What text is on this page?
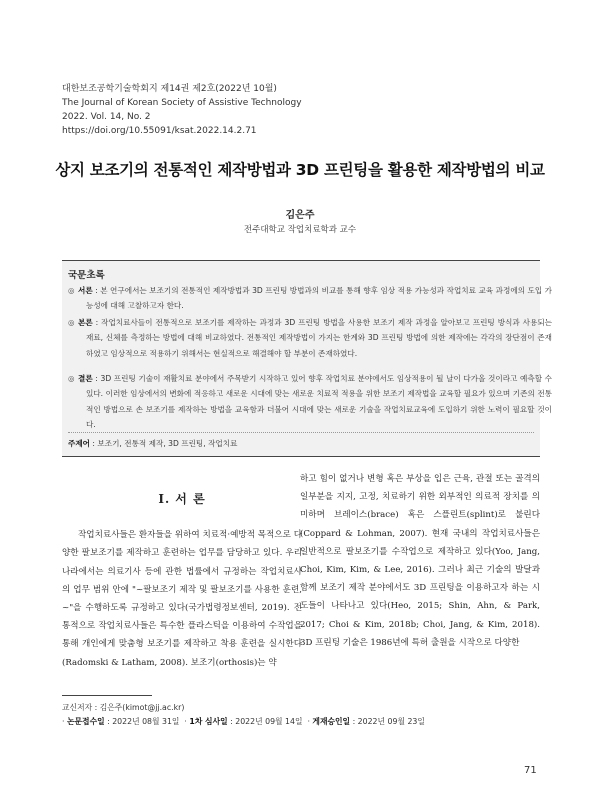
대한보조공학기술학회지 제14권 제2호(2022년 10월)
The Journal of Korean Society of Assistive Technology
2022. Vol. 14, No. 2
https://doi.org/10.55091/ksat.2022.14.2.71
상지 보조기의 전통적인 제작방법과 3D 프린팅을 활용한 제작방법의 비교
김은주
전주대학교 작업치료학과 교수
국문초록
◎ 서론 : 본 연구에서는 보조기의 전통적인 제작방법과 3D 프린팅 방법과의 비교를 통해 향후 임상 적용 가능성과 작업치료 교육 과정에의 도입 가능성에 대해 고찰하고자 한다.
◎ 본론 : 작업치료사들이 전통적으로 보조기를 제작하는 과정과 3D 프린팅 방법을 사용한 보조기 제작 과정을 알아보고 프린팅 방식과 사용되는 재료, 신체를 측정하는 방법에 대해 비교하였다. 전통적인 제작방법이 가지는 한계와 3D 프린팅 방법에 의한 제작에는 각각의 장단점이 존재하였고 임상적으로 적용하기 위해서는 현실적으로 해결해야 할 부분이 존재하였다.
◎ 결론 : 3D 프린팅 기술이 재활치료 분야에서 주목받기 시작하고 있어 향후 작업치료 분야에서도 임상적용이 될 날이 다가올 것이라고 예측할 수 있다. 이러한 임상에서의 변화에 적응하고 새로운 시대에 맞는 새로운 치료적 적용을 위한 보조기 제작법을 교육할 필요가 있으며 기존의 전통적인 방법으로 손 보조기를 제작하는 방법을 교육함과 더불어 시대에 맞는 새로운 기술을 작업치료교육에 도입하기 위한 노력이 필요할 것이다.
주제어 : 보조기, 전통적 제작, 3D 프린팅, 작업치료
I. 서 론

작업치료사들은 환자들을 위하여 치료적·예방적 목적으로 다양한 팔보조기를 제작하고 훈련하는 업무를 담당하고 있다. 우리나라에서는 의료기사 등에 관한 법률에서 규정하는 작업치료사의 업무 범위 안에 "~팔보조기 제작 및 팔보조기를 사용한 훈련, ~"을 수행하도록 규정하고 있다(국가법령정보센터, 2019). 전통적으로 작업치료사들은 특수한 플라스틱을 이용하여 수작업을 통해 개인에게 맞춤형 보조기를 제작하고 착용 훈련을 실시한다(Radomski & Latham, 2008). 보조기(orthosis)는 약

하고 힘이 없거나 변형 혹은 부상을 입은 근육, 관절 또는 골격의 일부분을 지지, 고정, 치료하기 위한 외부적인 의료적 장치를 의미하며 브레이스(brace) 혹은 스플린트(splint)로 불린다(Coppard & Lohman, 2007). 현재 국내의 작업치료사들은 일반적으로 팔보조기를 수작업으로 제작하고 있다(Yoo, Jang, Choi, Kim, Kim, & Lee, 2016). 그러나 최근 기술의 발달과 함께 보조기 제작 분야에서도 3D 프린팅을 이용하고자 하는 시도들이 나타나고 있다(Heo, 2015; Shin, Ahn, & Park, 2017; Choi & Kim, 2018b; Choi, Jang, & Kim, 2018). 3D 프린팅 기술은 1986년에 특허 출원을 시작으로 다양한

교신저자 : 김은주(kimot@jj.ac.kr)
· 논문접수일 : 2022년 08월 31일  · 1차 심사일 : 2022년 09월 14일  · 게재승인일 : 2022년 09월 23일
71
